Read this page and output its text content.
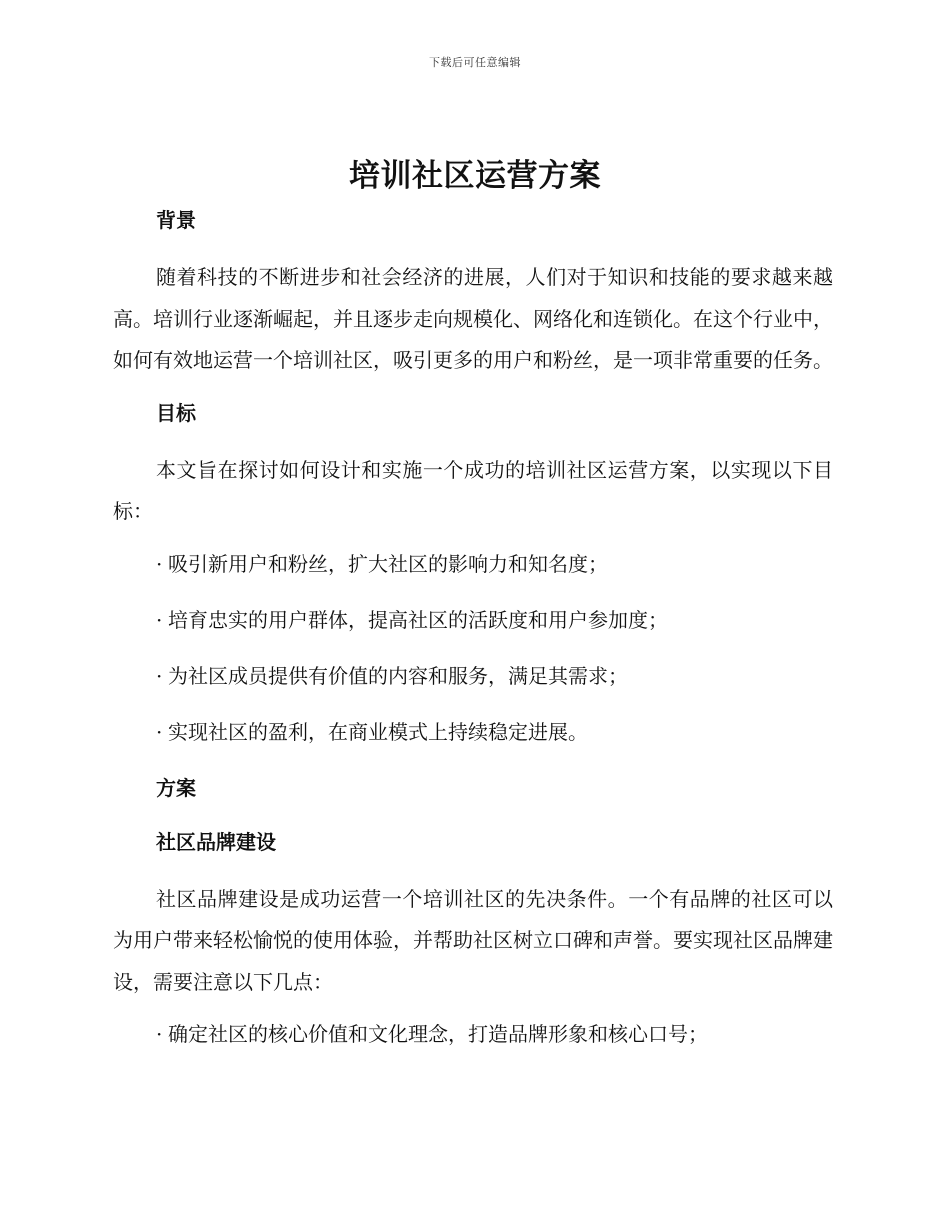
下载后可任意编辑
培训社区运营方案
背景

随着科技的不断进步和社会经济的进展，人们对于知识和技能的要求越来越高。培训行业逐渐崛起，并且逐步走向规模化、网络化和连锁化。在这个行业中，如何有效地运营一个培训社区，吸引更多的用户和粉丝，是一项非常重要的任务。

目标

本文旨在探讨如何设计和实施一个成功的培训社区运营方案，以实现以下目标：

· 吸引新用户和粉丝，扩大社区的影响力和知名度；
· 培育忠实的用户群体，提高社区的活跃度和用户参加度；
· 为社区成员提供有价值的内容和服务，满足其需求；
· 实现社区的盈利，在商业模式上持续稳定进展。
方案
社区品牌建设

社区品牌建设是成功运营一个培训社区的先决条件。一个有品牌的社区可以为用户带来轻松愉悦的使用体验，并帮助社区树立口碑和声誉。要实现社区品牌建设，需要注意以下几点：

· 确定社区的核心价值和文化理念，打造品牌形象和核心口号；
